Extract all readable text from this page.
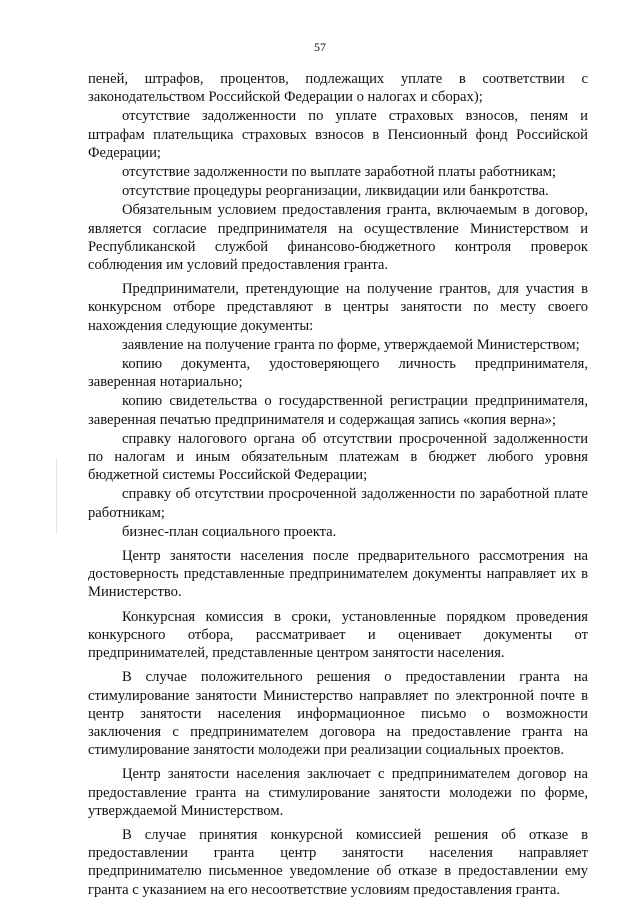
57

пеней, штрафов, процентов, подлежащих уплате в соответствии с законодательством Российской Федерации о налогах и сборах);

отсутствие задолженности по уплате страховых взносов, пеням и штрафам плательщика страховых взносов в Пенсионный фонд Российской Федерации;

отсутствие задолженности по выплате заработной платы работникам;

отсутствие процедуры реорганизации, ликвидации или банкротства.

Обязательным условием предоставления гранта, включаемым в договор, является согласие предпринимателя на осуществление Министерством и Республиканской службой финансово-бюджетного контроля проверок соблюдения им условий предоставления гранта.

Предприниматели, претендующие на получение грантов, для участия в конкурсном отборе представляют в центры занятости по месту своего нахождения следующие документы:

заявление на получение гранта по форме, утверждаемой Министерством;

копию документа, удостоверяющего личность предпринимателя, заверенная нотариально;

копию свидетельства о государственной регистрации предпринимателя, заверенная печатью предпринимателя и содержащая запись «копия верна»;

справку налогового органа об отсутствии просроченной задолженности по налогам и иным обязательным платежам в бюджет любого уровня бюджетной системы Российской Федерации;

справку об отсутствии просроченной задолженности по заработной плате работникам;

бизнес-план социального проекта.

Центр занятости населения после предварительного рассмотрения на достоверность представленные предпринимателем документы направляет их в Министерство.

Конкурсная комиссия в сроки, установленные порядком проведения конкурсного отбора, рассматривает и оценивает документы от предпринимателей, представленные центром занятости населения.

В случае положительного решения о предоставлении гранта на стимулирование занятости Министерство направляет по электронной почте в центр занятости населения информационное письмо о возможности заключения с предпринимателем договора на предоставление гранта на стимулирование занятости молодежи при реализации социальных проектов.

Центр занятости населения заключает с предпринимателем договор на предоставление гранта на стимулирование занятости молодежи по форме, утверждаемой Министерством.

В случае принятия конкурсной комиссией решения об отказе в предоставлении гранта центр занятости населения направляет предпринимателю письменное уведомление об отказе в предоставлении ему гранта с указанием на его несоответствие условиям предоставления гранта.
